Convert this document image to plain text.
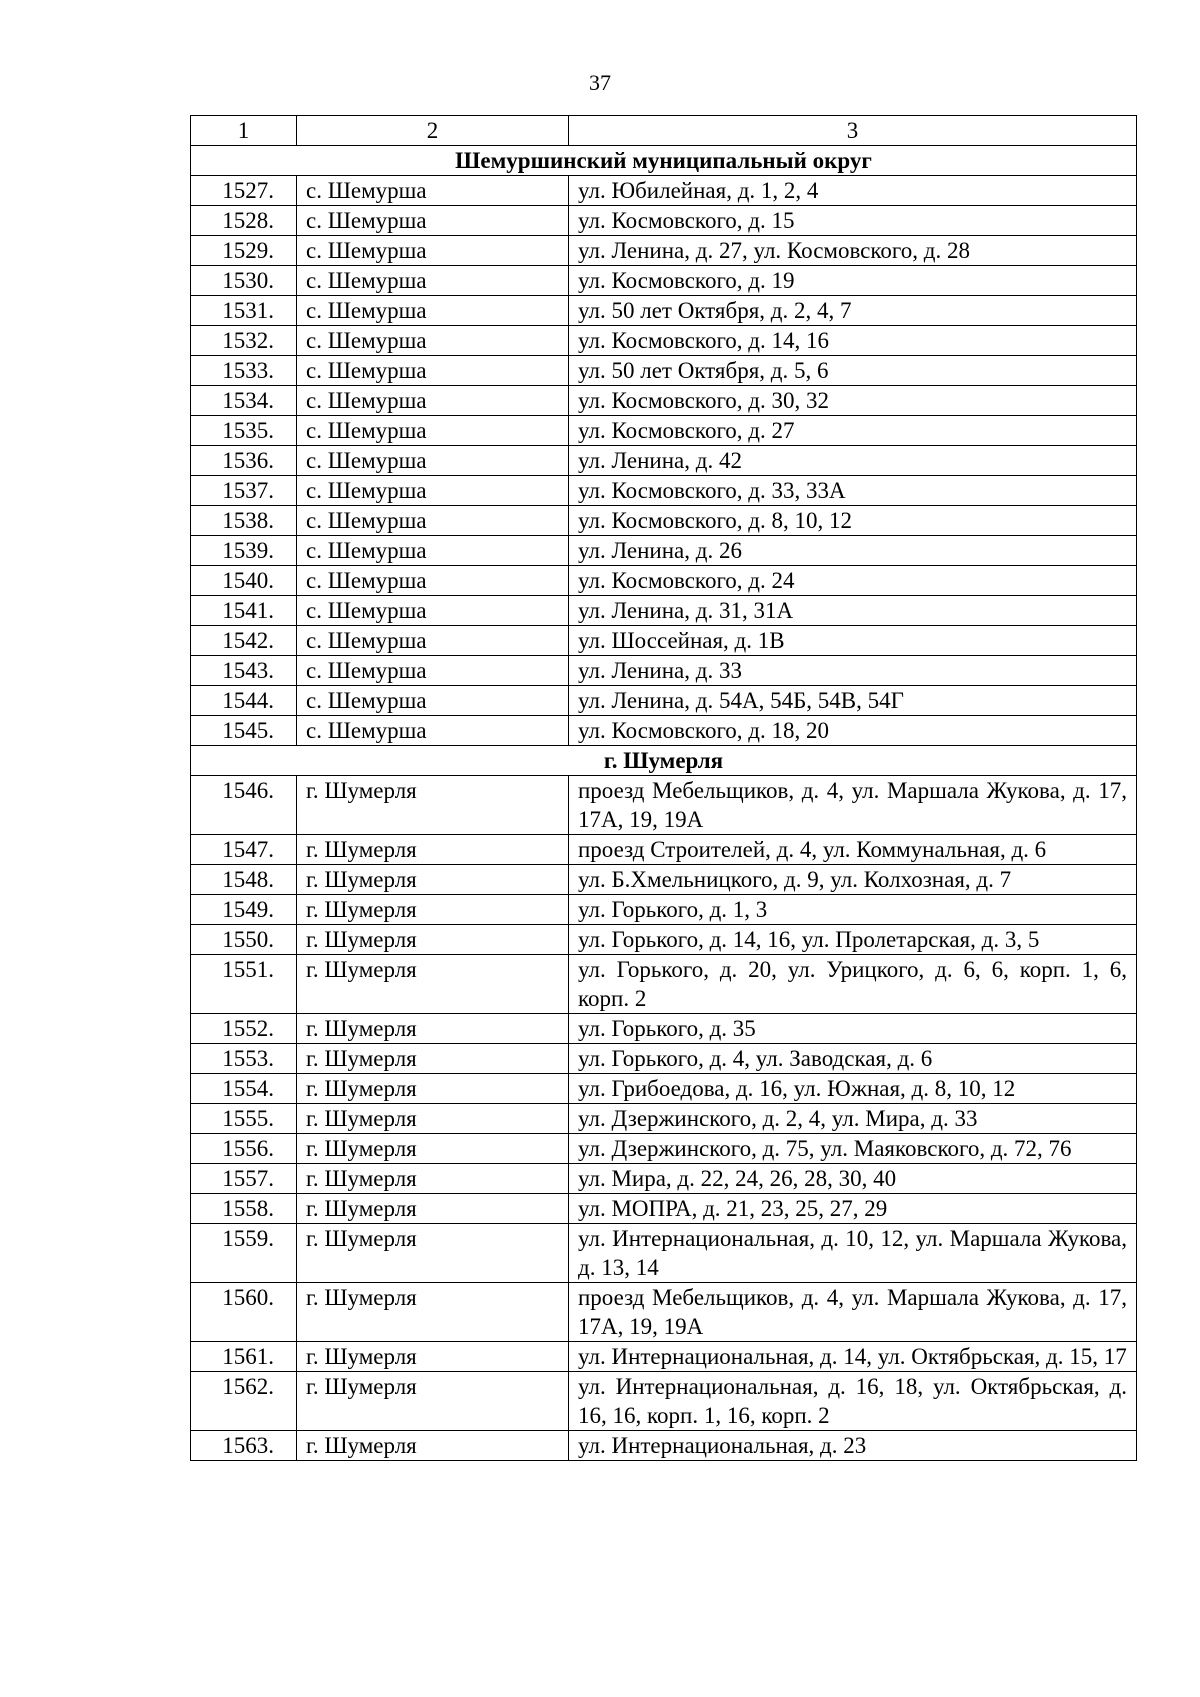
37
1	2	3
Шемуршинский муниципальный округ		
1527.	с. Шемурша	ул. Юбилейная, д. 1, 2, 4
1528.	с. Шемурша	ул. Космовского, д. 15
1529.	с. Шемурша	ул. Ленина, д. 27, ул. Космовского, д. 28
1530.	с. Шемурша	ул. Космовского, д. 19
1531.	с. Шемурша	ул. 50 лет Октября, д. 2, 4, 7
1532.	с. Шемурша	ул. Космовского, д. 14, 16
1533.	с. Шемурша	ул. 50 лет Октября, д. 5, 6
1534.	с. Шемурша	ул. Космовского, д. 30, 32
1535.	с. Шемурша	ул. Космовского, д. 27
1536.	с. Шемурша	ул. Ленина, д. 42
1537.	с. Шемурша	ул. Космовского, д. 33, 33А
1538.	с. Шемурша	ул. Космовского, д. 8, 10, 12
1539.	с. Шемурша	ул. Ленина, д. 26
1540.	с. Шемурша	ул. Космовского, д. 24
1541.	с. Шемурша	ул. Ленина, д. 31, 31А
1542.	с. Шемурша	ул. Шоссейная, д. 1В
1543.	с. Шемурша	ул. Ленина, д. 33
1544.	с. Шемурша	ул. Ленина, д. 54А, 54Б, 54В, 54Г
1545.	с. Шемурша	ул. Космовского, д. 18, 20
г. Шумерля		
1546.	г. Шумерля	проезд Мебельщиков, д. 4, ул. Маршала Жукова, д. 17, 17А, 19, 19А
1547.	г. Шумерля	проезд Строителей, д. 4, ул. Коммунальная, д. 6
1548.	г. Шумерля	ул. Б.Хмельницкого, д. 9, ул. Колхозная, д. 7
1549.	г. Шумерля	ул. Горького, д. 1, 3
1550.	г. Шумерля	ул. Горького, д. 14, 16, ул. Пролетарская, д. 3, 5
1551.	г. Шумерля	ул. Горького, д. 20, ул. Урицкого, д. 6, 6, корп. 1, 6, корп. 2
1552.	г. Шумерля	ул. Горького, д. 35
1553.	г. Шумерля	ул. Горького, д. 4, ул. Заводская, д. 6
1554.	г. Шумерля	ул. Грибоедова, д. 16, ул. Южная, д. 8, 10, 12
1555.	г. Шумерля	ул. Дзержинского, д. 2, 4, ул. Мира, д. 33
1556.	г. Шумерля	ул. Дзержинского, д. 75, ул. Маяковского, д. 72, 76
1557.	г. Шумерля	ул. Мира, д. 22, 24, 26, 28, 30, 40
1558.	г. Шумерля	ул. МОПРА, д. 21, 23, 25, 27, 29
1559.	г. Шумерля	ул. Интернациональная, д. 10, 12, ул. Маршала Жукова, д. 13, 14
1560.	г. Шумерля	проезд Мебельщиков, д. 4, ул. Маршала Жукова, д. 17, 17А, 19, 19А
1561.	г. Шумерля	ул. Интернациональная, д. 14, ул. Октябрьская, д. 15, 17
1562.	г. Шумерля	ул. Интернациональная, д. 16, 18, ул. Октябрьская, д. 16, 16, корп. 1, 16, корп. 2
1563.	г. Шумерля	ул. Интернациональная, д. 23
